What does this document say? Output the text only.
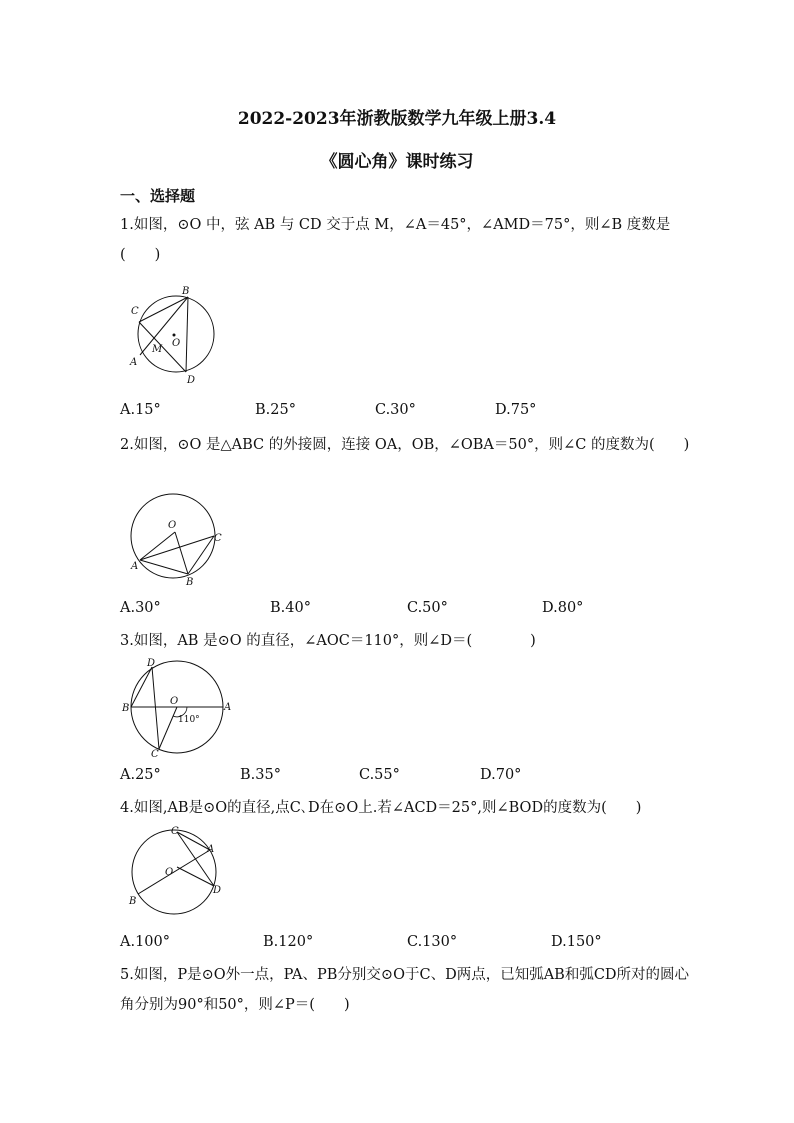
2022-2023年浙教版数学九年级上册3.4
《圆心角》课时练习
一、选择题
1.如图，⊙O 中，弦 AB 与 CD 交于点 M，∠A＝45°，∠AMD＝75°，则∠B 度数是(　　)
C
B
O
M
A
D
A.15°	B.25°	C.30°	D.75°
2.如图，⊙O 是△ABC 的外接圆，连接 OA，OB，∠OBA＝50°，则∠C 的度数为(　　)
O
C
A
B
A.30°	B.40°	C.50°	D.80°
3.如图，AB 是⊙O 的直径，∠AOC＝110°，则∠D＝(　　　　)
D
O
B	A
110°
C
A.25°	B.35°	C.55°	D.70°
4.如图,AB是⊙O的直径,点C､D在⊙O上.若∠ACD＝25°,则∠BOD的度数为(　　)
C
A
O
D
B
A.100°	B.120°	C.130°	D.150°
5.如图，P是⊙O外一点，PA、PB分别交⊙O于C、D两点，已知弧AB和弧CD所对的圆心角分别为90°和50°，则∠P＝(　　)
